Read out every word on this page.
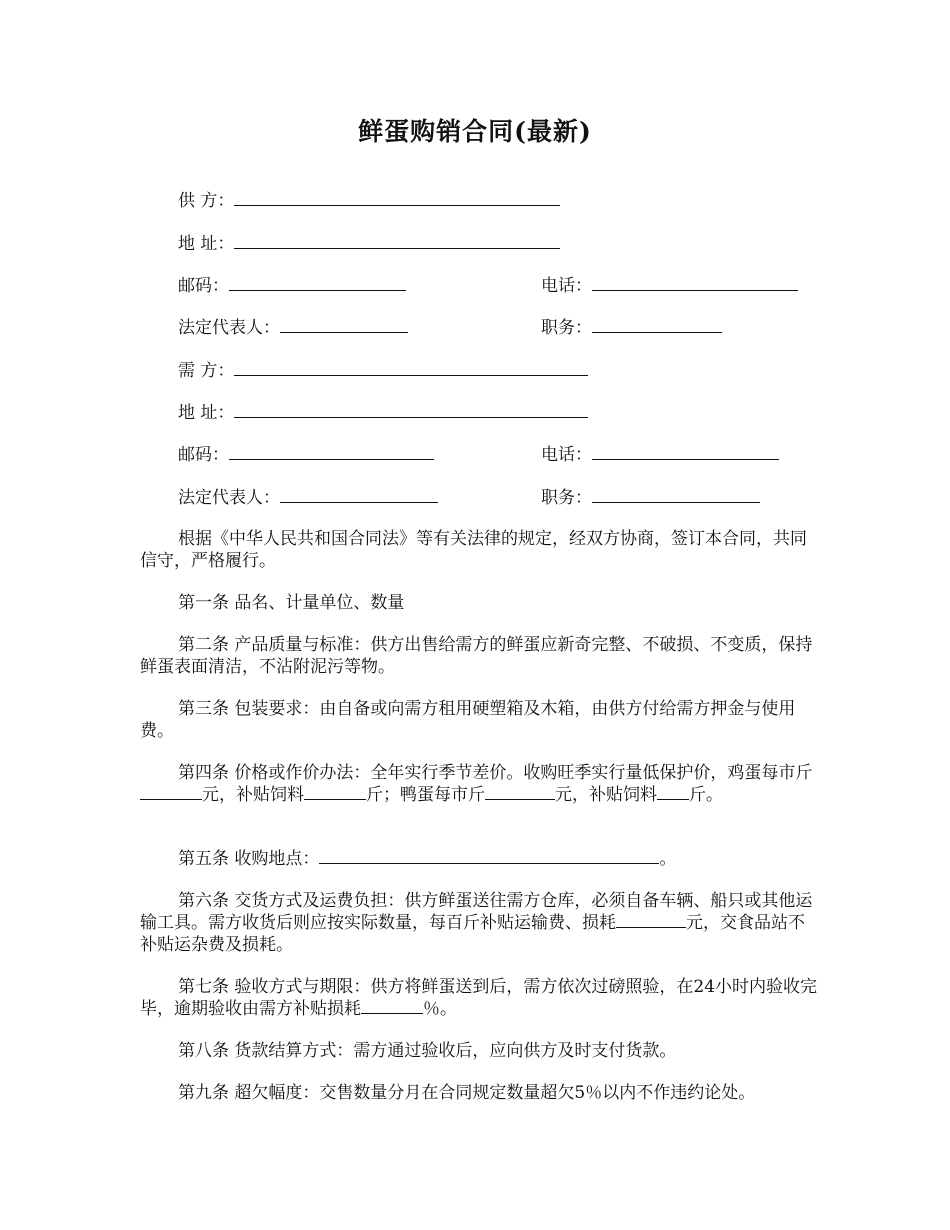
鲜蛋购销合同(最新)
供 方：
地 址：
邮码：	电话：
法定代表人：	职务：
需 方：
地 址：
邮码：	电话：
法定代表人：	职务：
根据《中华人民共和国合同法》等有关法律的规定，经双方协商，签订本合同，共同信守，严格履行。
第一条 品名、计量单位、数量
第二条 产品质量与标准：供方出售给需方的鲜蛋应新奇完整、不破损、不变质，保持鲜蛋表面清洁，不沾附泥污等物。
第三条 包装要求：由自备或向需方租用硬塑箱及木箱，由供方付给需方押金与使用费。
第四条 价格或作价办法：全年实行季节差价。收购旺季实行量低保护价，鸡蛋每市斤元，补贴饲料	斤；鸭蛋每市斤	元，补贴饲料 斤。
第五条 收购地点：	。
第六条 交货方式及运费负担：供方鲜蛋送往需方仓库，必须自备车辆、船只或其他运输工具。需方收货后则应按实际数量，每百斤补贴运输费、损耗	元，交食品站不补贴运杂费及损耗。
第七条 验收方式与期限：供方将鲜蛋送到后，需方依次过磅照验，在24小时内验收完毕，逾期验收由需方补贴损耗	％。
第八条 货款结算方式：需方通过验收后，应向供方及时支付货款。
第九条 超欠幅度：交售数量分月在合同规定数量超欠5％以内不作违约论处。
